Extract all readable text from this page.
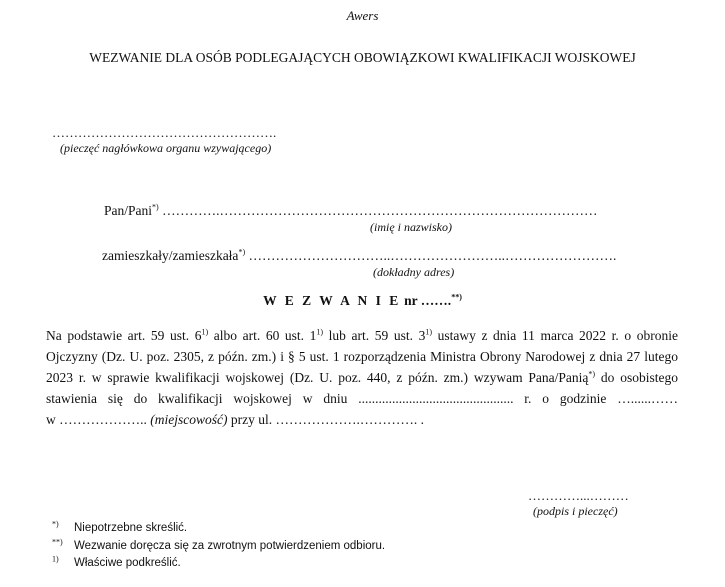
Awers
WEZWANIE DLA OSÓB PODLEGAJĄCYCH OBOWIĄZKOWI KWALIFIKACJI WOJSKOWEJ
…………………………………………….
(pieczęć nagłówkowa organu wzywającego)
Pan/Pani*) ………….…………………………………………………………………………
(imię i nazwisko)
zamieszkały/zamieszkała*) …………………………..……………………..…………………….
(dokładny adres)
W E Z W A N I E nr …….**)
Na podstawie art. 59 ust. 6$^{1)}$ albo art. 60 ust. 1$^{1)}$ lub art. 59 ust. 3$^{1)}$ ustawy z dnia 11 marca 2022 r. o obronie
Ojczyzny (Dz. U. poz. 2305, z późn. zm.) i § 5 ust. 1 rozporządzenia Ministra Obrony Narodowej z dnia 27 lutego
2023 r. w sprawie kwalifikacji wojskowej (Dz. U. poz. 440, z późn. zm.) wzywam Pana/Panią*) do osobistego
stawienia się do kwalifikacji wojskowej w dniu .............................................. r. o godzinie …......……
w ……………….. (miejscowość) przy ul. ……………….…………. .
…………...………
(podpis i pieczęć)
*) Niepotrzebne skreślić.
**) Wezwanie doręcza się za zwrotnym potwierdzeniem odbioru.
$^{1)}$ Właściwe podkreślić.
